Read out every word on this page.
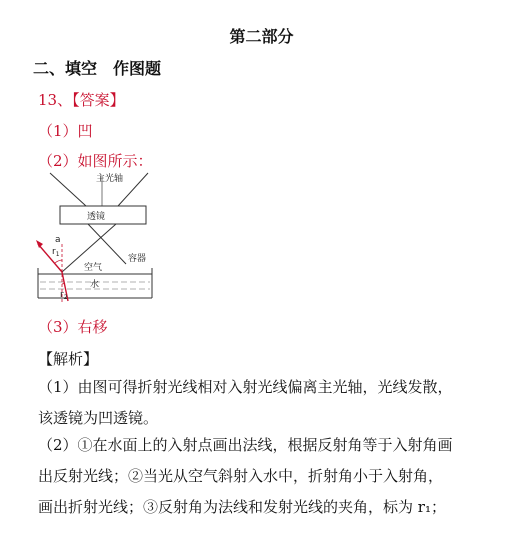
第二部分
二、填空　作图题
13、【答案】
（1）凹
（2）如图所示：
主光轴
透镜
空气
水
容器
a
$r_1$
$r_2$
（3）右移
【解析】
（1）由图可得折射光线相对入射光线偏离主光轴，光线发散，
该透镜为凹透镜。
（2）①在水面上的入射点画出法线，根据反射角等于入射角画
出反射光线；②当光从空气斜射入水中，折射角小于入射角，
画出折射光线；③反射角为法线和发射光线的夹角，标为 r₁；
